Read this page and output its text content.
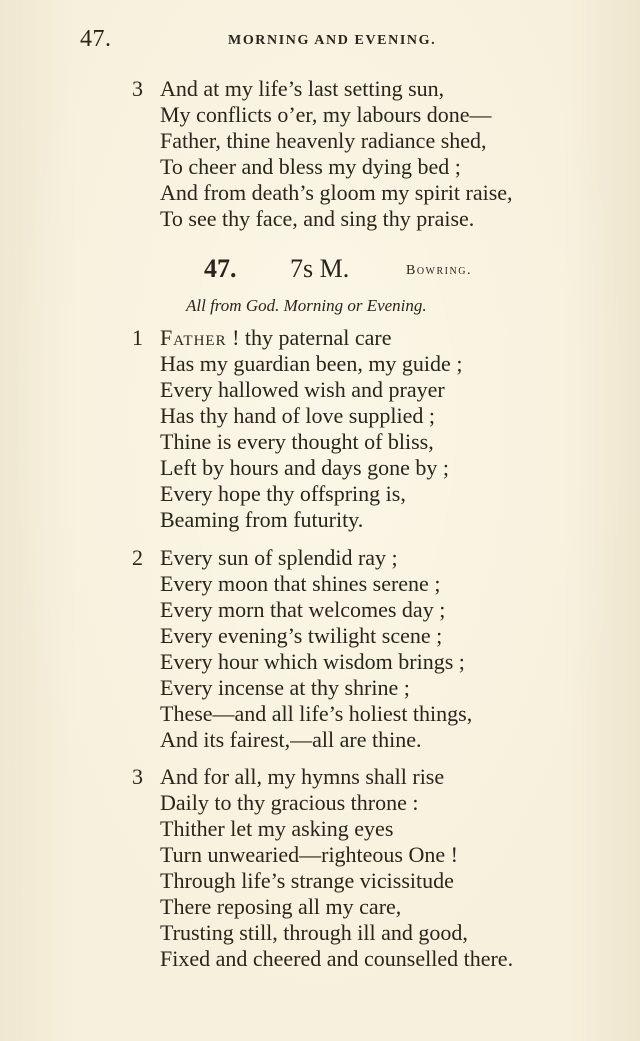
47.	MORNING AND EVENING.
3 And at my life’s last setting sun,
My conflicts o’er, my labours done—
Father, thine heavenly radiance shed,
To cheer and bless my dying bed ;
And from death’s gloom my spirit raise,
To see thy face, and sing thy praise.
47. 7s M.	Bowring.
All from God. Morning or Evening.
1 Father ! thy paternal care
Has my guardian been, my guide ;
Every hallowed wish and prayer
Has thy hand of love supplied ;
Thine is every thought of bliss,
Left by hours and days gone by ;
Every hope thy offspring is,
Beaming from futurity.
2 Every sun of splendid ray ;
Every moon that shines serene ;
Every morn that welcomes day ;
Every evening’s twilight scene ;
Every hour which wisdom brings ;
Every incense at thy shrine ;
These—and all life’s holiest things,
And its fairest,—all are thine.
3 And for all, my hymns shall rise
Daily to thy gracious throne :
Thither let my asking eyes
Turn unwearied—righteous One !
Through life’s strange vicissitude
There reposing all my care,
Trusting still, through ill and good,
Fixed and cheered and counselled there.
